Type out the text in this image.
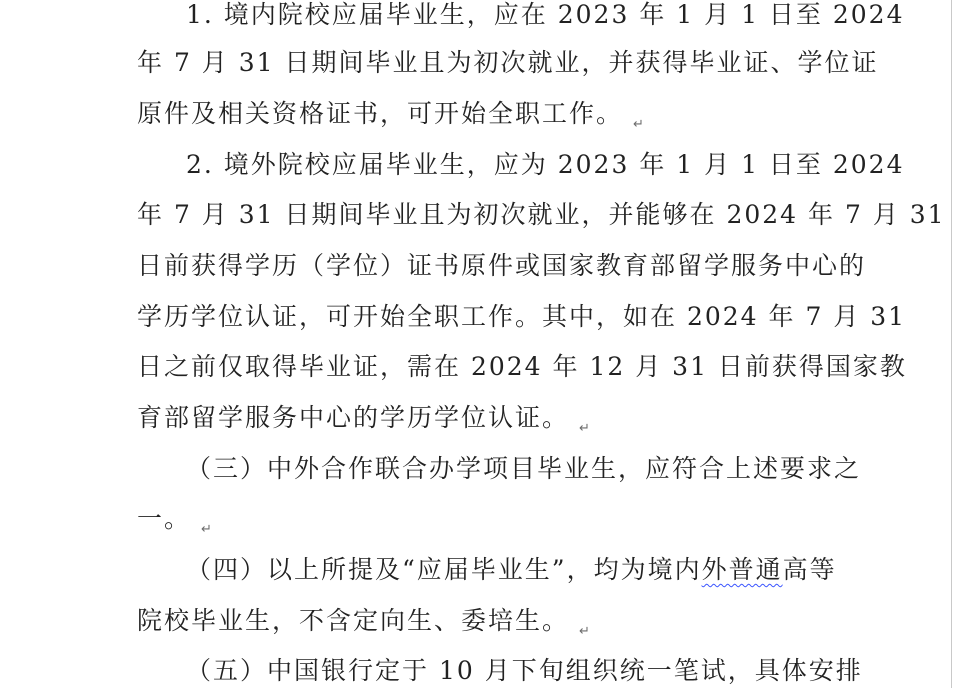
1. 境内院校应届毕业生，应在 2023 年 1 月 1 日至 2024
年 7 月 31 日期间毕业且为初次就业，并获得毕业证、学位证
原件及相关资格证书，可开始全职工作。 $_↵$
2. 境外院校应届毕业生，应为 2023 年 1 月 1 日至 2024
年 7 月 31 日期间毕业且为初次就业，并能够在 2024 年 7 月 31
日前获得学历（学位）证书原件或国家教育部留学服务中心的
学历学位认证，可开始全职工作。其中，如在 2024 年 7 月 31
日之前仅取得毕业证，需在 2024 年 12 月 31 日前获得国家教
育部留学服务中心的学历学位认证。 $_↵$
（三）中外合作联合办学项目毕业生，应符合上述要求之
一。 $_↵$
（四）以上所提及“应届毕业生”，均为境内外普通高等
院校毕业生，不含定向生、委培生。 $_↵$
（五）中国银行定于 10 月下旬组织统一笔试，具体安排
